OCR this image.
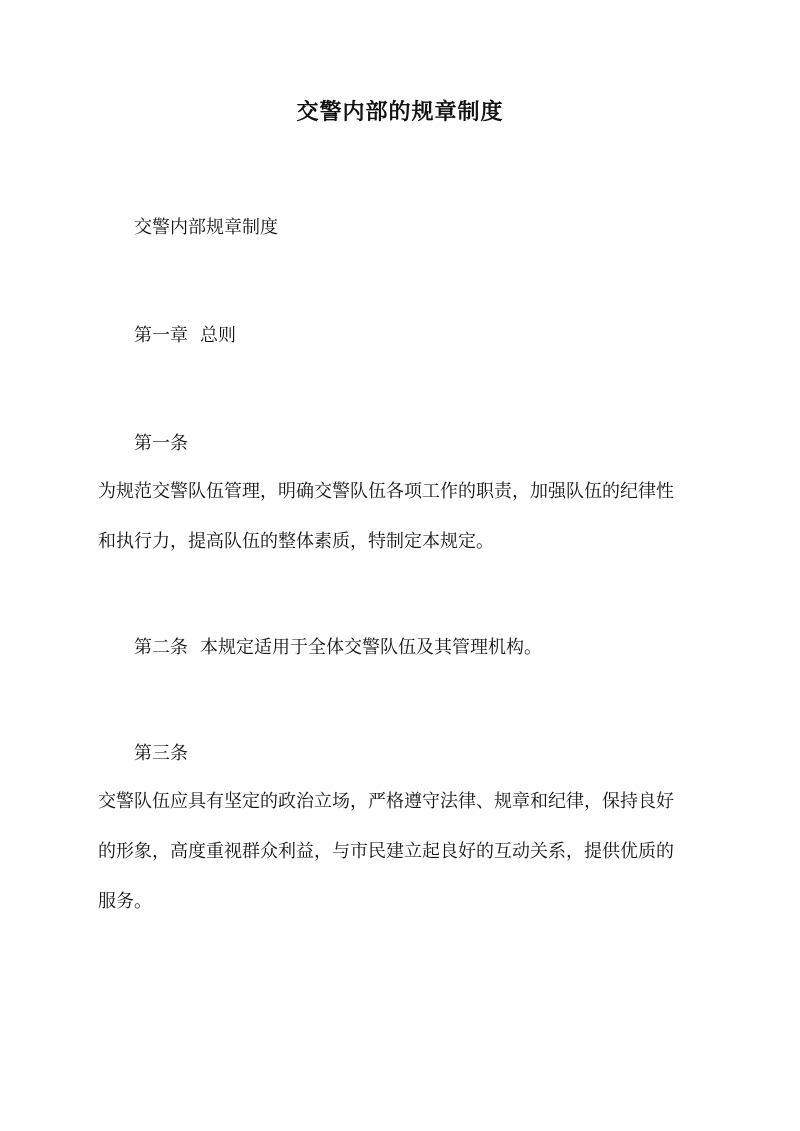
交警内部的规章制度
交警内部规章制度
第一章 总则
第一条
为规范交警队伍管理，明确交警队伍各项工作的职责，加强队伍的纪律性
和执行力，提高队伍的整体素质，特制定本规定。
第二条 本规定适用于全体交警队伍及其管理机构。
第三条
交警队伍应具有坚定的政治立场，严格遵守法律、规章和纪律，保持良好
的形象，高度重视群众利益，与市民建立起良好的互动关系，提供优质的
服务。
